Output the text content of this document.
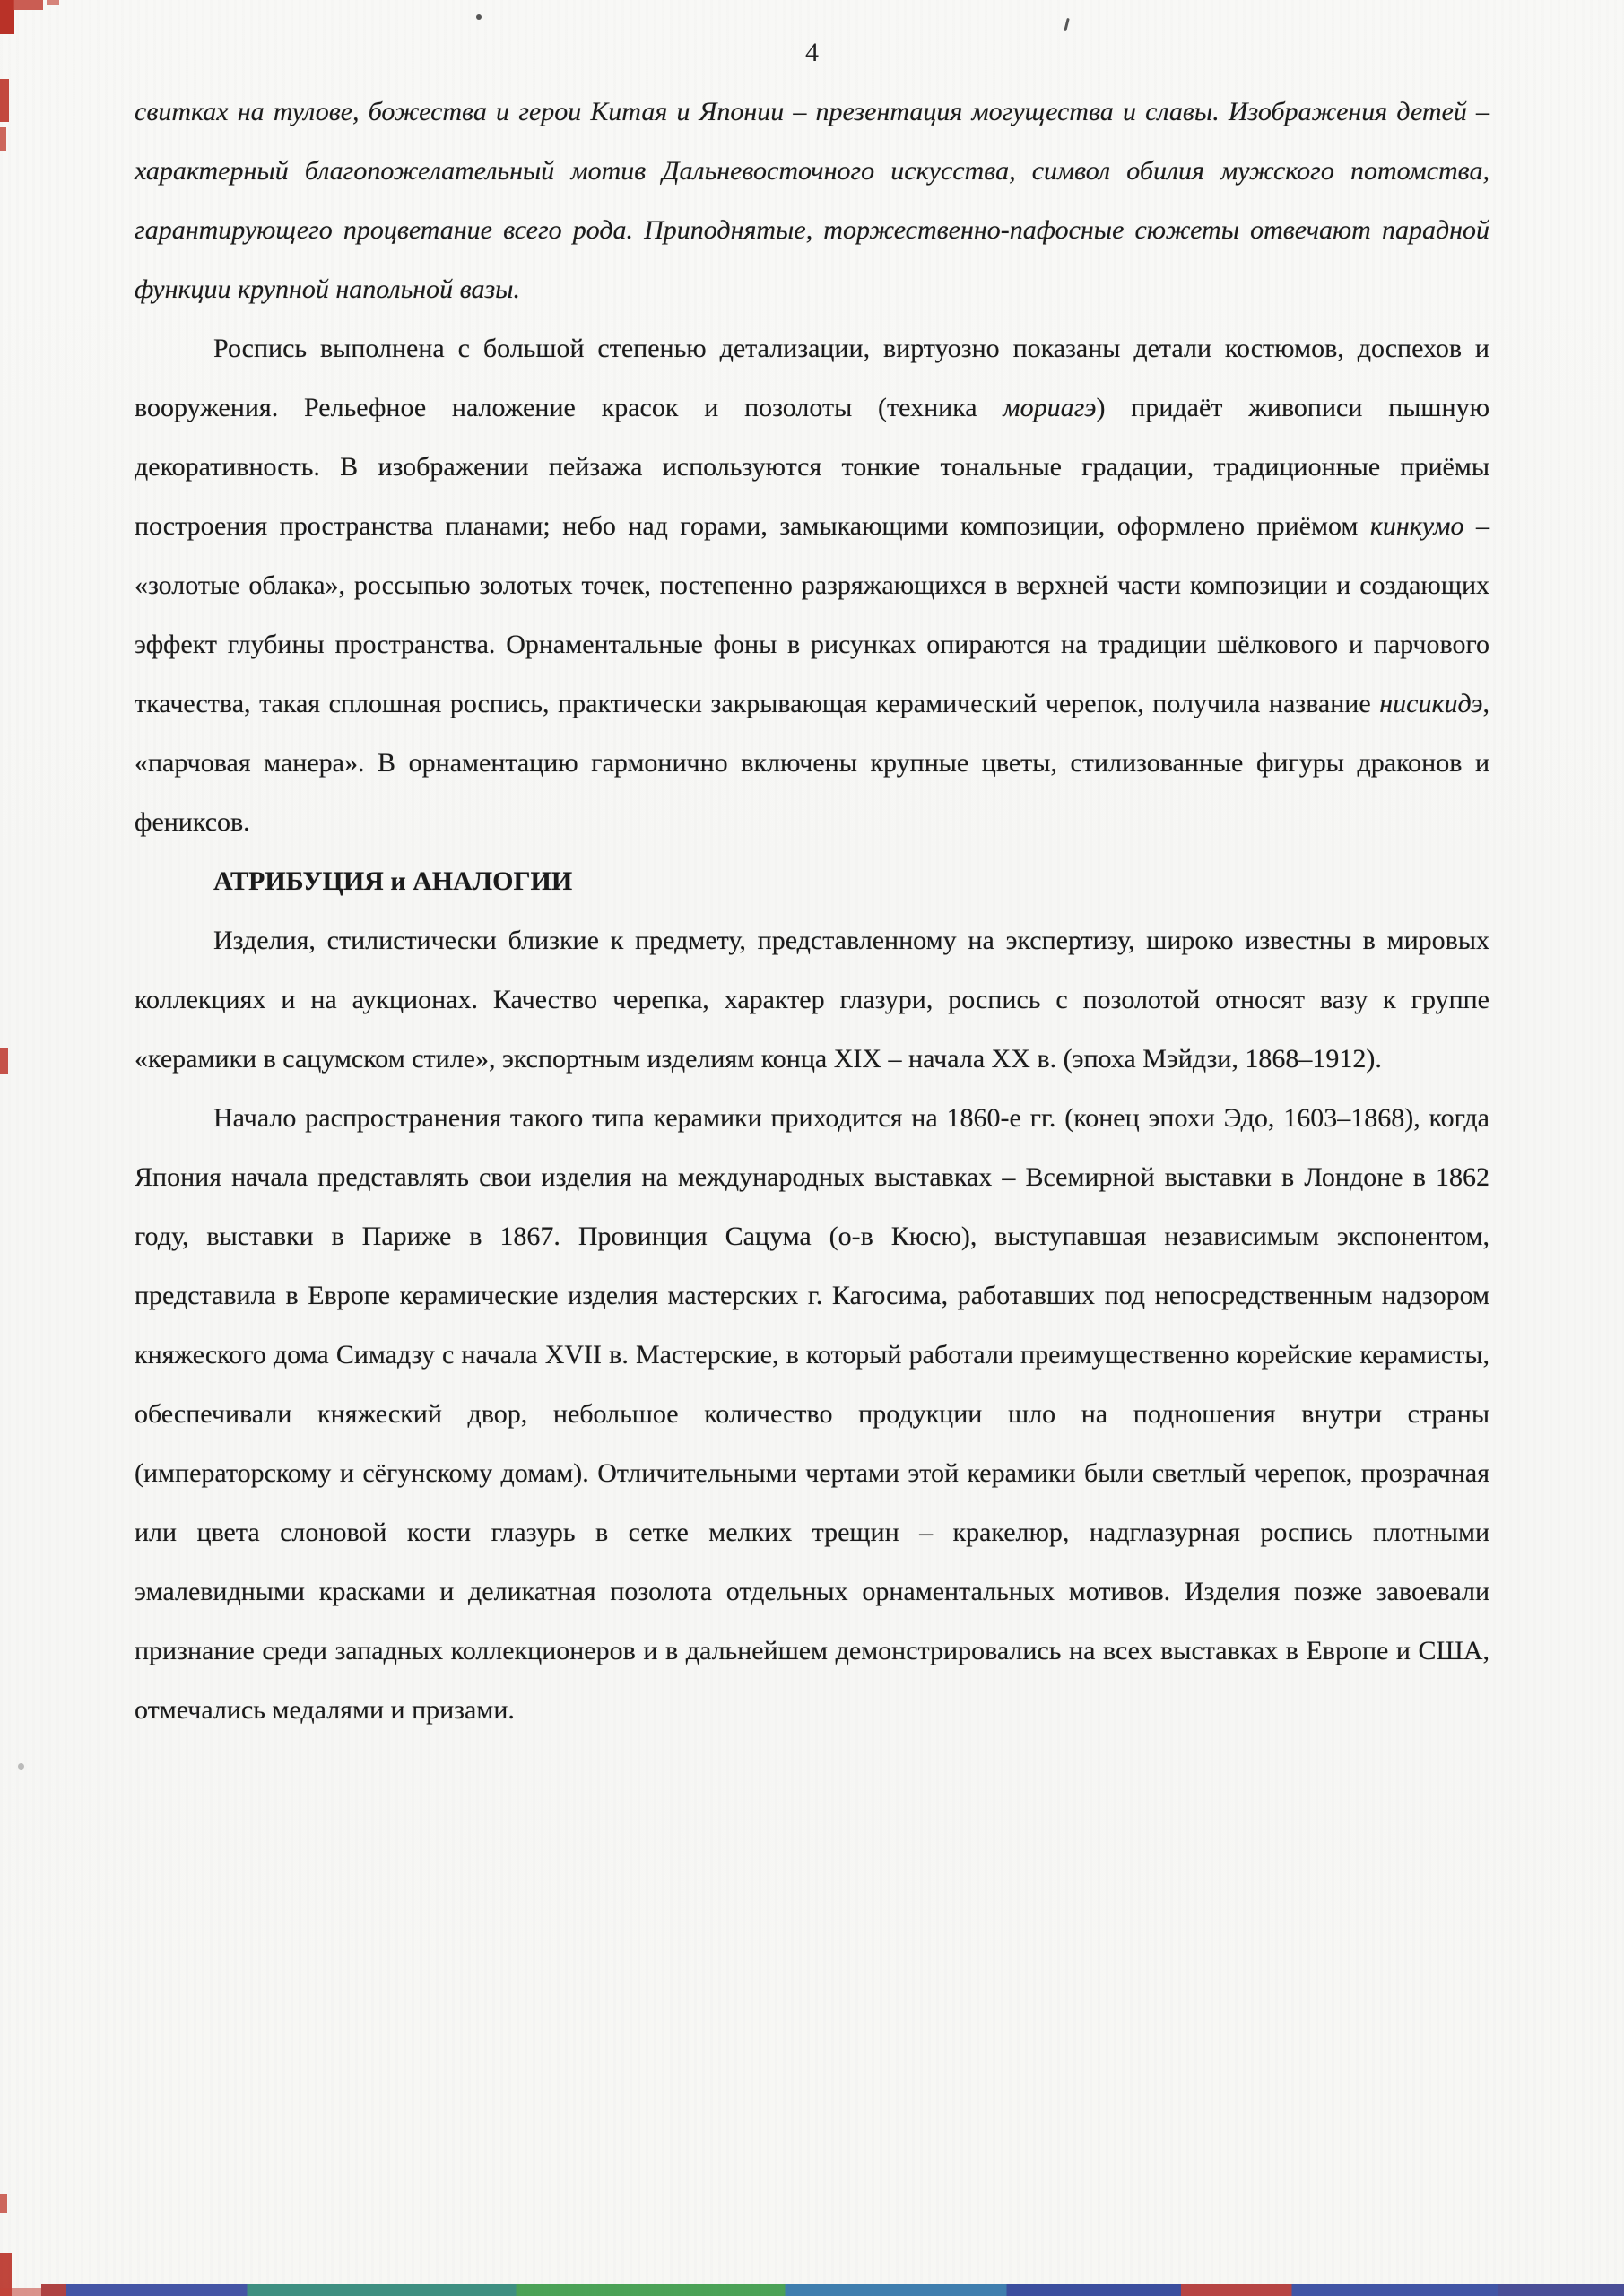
4

свитках на тулове, божества и герои Китая и Японии – презентация могущества и славы. Изображения детей – характерный благопожелательный мотив Дальневосточного искусства, символ обилия мужского потомства, гарантирующего процветание всего рода. Приподнятые, торжественно-пафосные сюжеты отвечают парадной функции крупной напольной вазы.

Роспись выполнена с большой степенью детализации, виртуозно показаны детали костюмов, доспехов и вооружения. Рельефное наложение красок и позолоты (техника мориагэ) придаёт живописи пышную декоративность. В изображении пейзажа используются тонкие тональные градации, традиционные приёмы построения пространства планами; небо над горами, замыкающими композиции, оформлено приёмом кинкумо – «золотые облака», россыпью золотых точек, постепенно разряжающихся в верхней части композиции и создающих эффект глубины пространства. Орнаментальные фоны в рисунках опираются на традиции шёлкового и парчового ткачества, такая сплошная роспись, практически закрывающая керамический черепок, получила название нисикидэ, «парчовая манера». В орнаментацию гармонично включены крупные цветы, стилизованные фигуры драконов и фениксов.

АТРИБУЦИЯ и АНАЛОГИИ

Изделия, стилистически близкие к предмету, представленному на экспертизу, широко известны в мировых коллекциях и на аукционах. Качество черепка, характер глазури, роспись с позолотой относят вазу к группе «керамики в сацумском стиле», экспортным изделиям конца XIX – начала XX в. (эпоха Мэйдзи, 1868–1912).

Начало распространения такого типа керамики приходится на 1860-е гг. (конец эпохи Эдо, 1603–1868), когда Япония начала представлять свои изделия на международных выставках – Всемирной выставки в Лондоне в 1862 году, выставки в Париже в 1867. Провинция Сацума (о-в Кюсю), выступавшая независимым экспонентом, представила в Европе керамические изделия мастерских г. Кагосима, работавших под непосредственным надзором княжеского дома Симадзу с начала XVII в. Мастерские, в который работали преимущественно корейские керамисты, обеспечивали княжеский двор, небольшое количество продукции шло на подношения внутри страны (императорскому и сёгунскому домам). Отличительными чертами этой керамики были светлый черепок, прозрачная или цвета слоновой кости глазурь в сетке мелких трещин – кракелюр, надглазурная роспись плотными эмалевидными красками и деликатная позолота отдельных орнаментальных мотивов. Изделия позже завоевали признание среди западных коллекционеров и в дальнейшем демонстрировались на всех выставках в Европе и США, отмечались медалями и призами.
